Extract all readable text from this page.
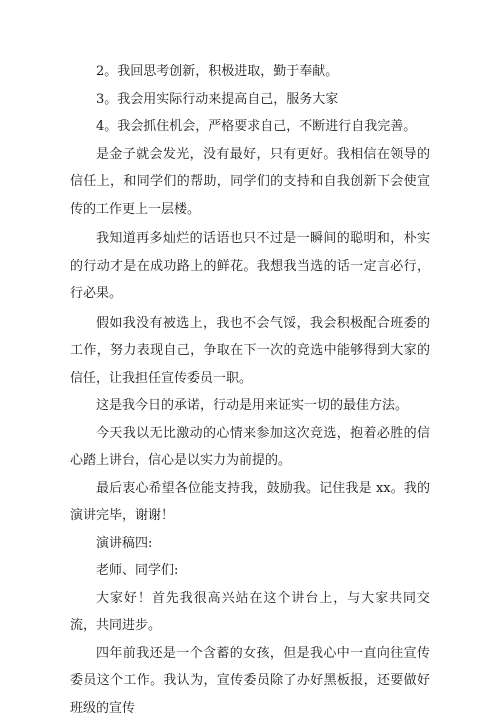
2。我回思考创新，积极进取，勤于奉献。

3。我会用实际行动来提高自己，服务大家

4。我会抓住机会，严格要求自己，不断进行自我完善。

是金子就会发光，没有最好，只有更好。我相信在领导的信任上，和同学们的帮助，同学们的支持和自我创新下会使宣传的工作更上一层楼。

我知道再多灿烂的话语也只不过是一瞬间的聪明和，朴实的行动才是在成功路上的鲜花。我想我当选的话一定言必行，行必果。

假如我没有被选上，我也不会气馁，我会积极配合班委的工作，努力表现自己，争取在下一次的竞选中能够得到大家的信任，让我担任宣传委员一职。

这是我今日的承诺，行动是用来证实一切的最佳方法。

今天我以无比激动的心情来参加这次竞选，抱着必胜的信心踏上讲台，信心是以实力为前提的。

最后衷心希望各位能支持我，鼓励我。记住我是 xx。我的演讲完毕，谢谢！

演讲稿四:

老师、同学们:

大家好！首先我很高兴站在这个讲台上，与大家共同交流，共同进步。

四年前我还是一个含蓄的女孩，但是我心中一直向往宣传委员这个工作。我认为，宣传委员除了办好黑板报，还要做好班级的宣传
